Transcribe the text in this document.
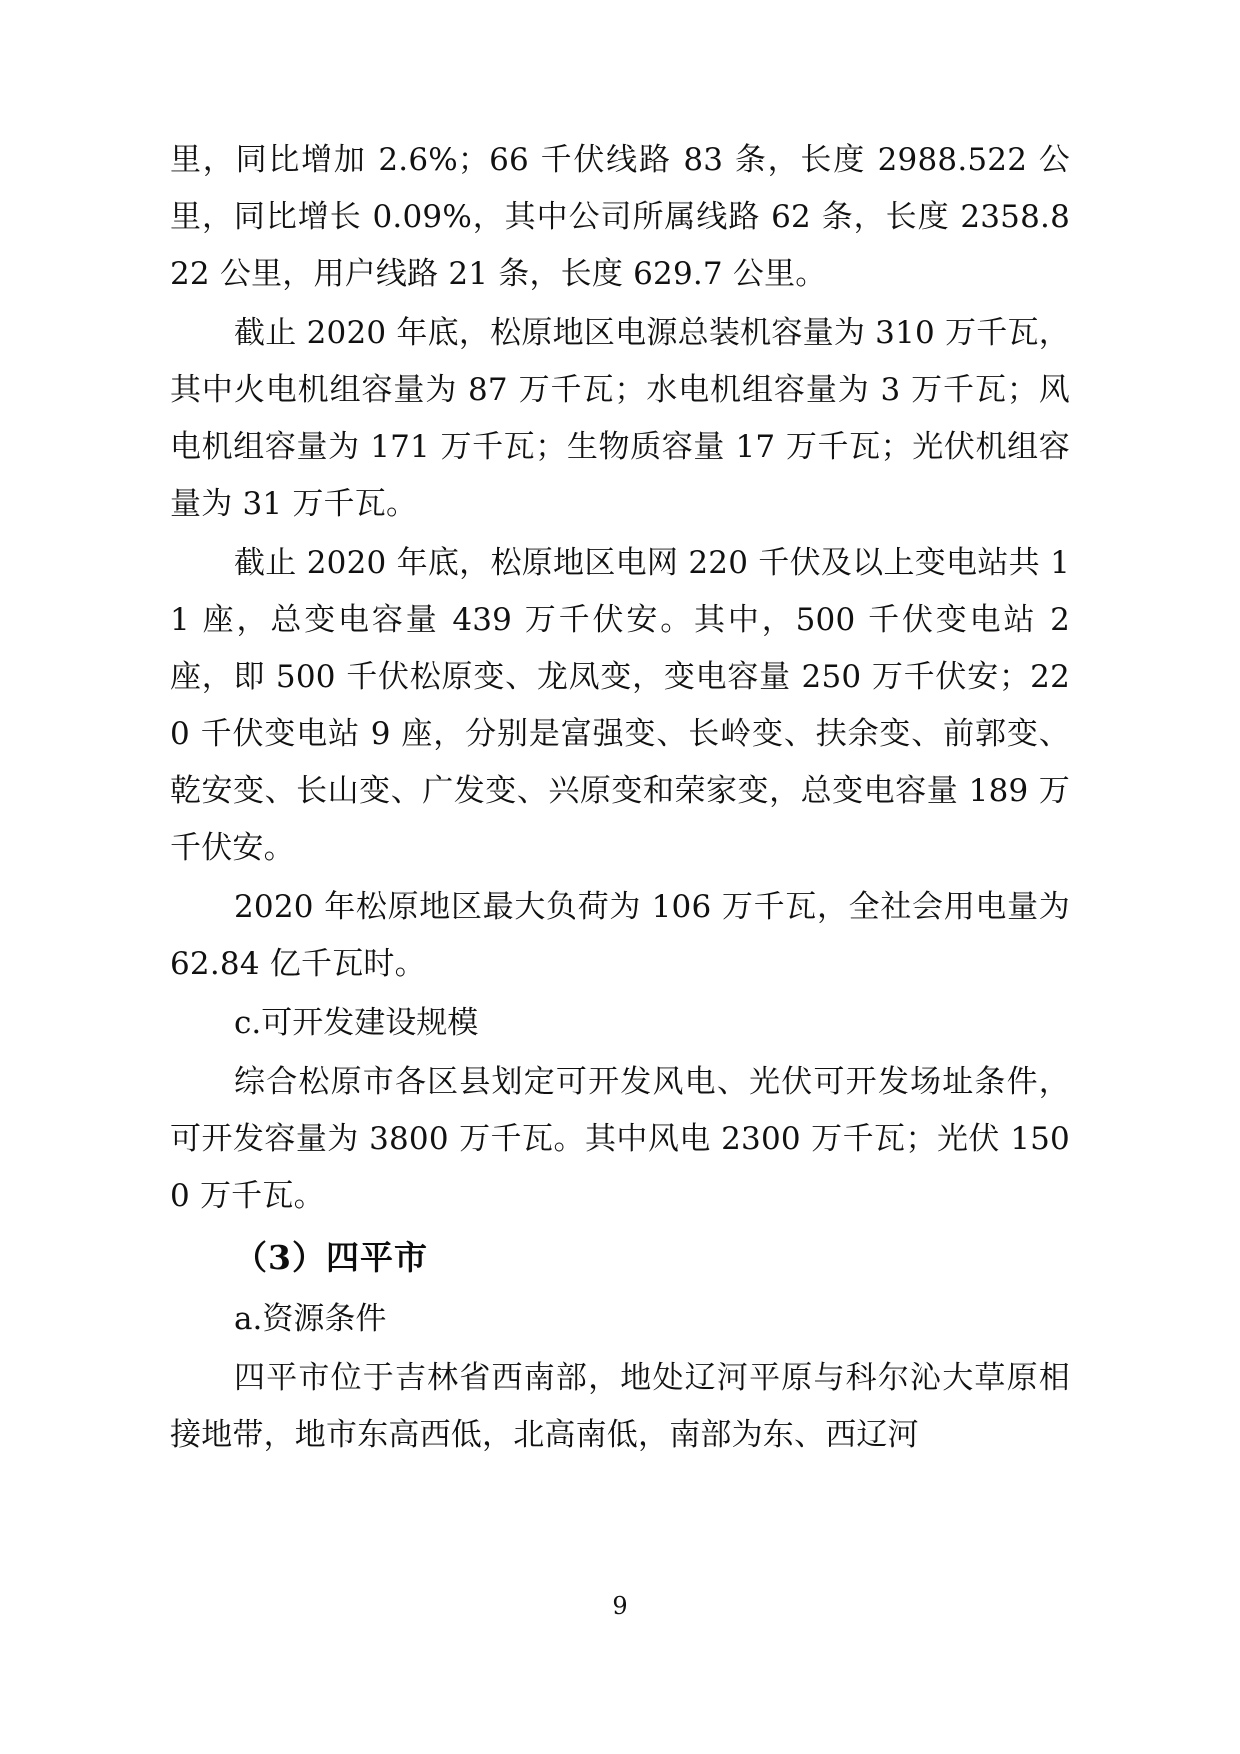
里，同比增加 2.6%；66 千伏线路 83 条，长度 2988.522 公里，同比增长 0.09%，其中公司所属线路 62 条，长度 2358.822 公里，用户线路 21 条，长度 629.7 公里。

截止 2020 年底，松原地区电源总装机容量为 310 万千瓦，其中火电机组容量为 87 万千瓦；水电机组容量为 3 万千瓦；风电机组容量为 171 万千瓦；生物质容量 17 万千瓦；光伏机组容量为 31 万千瓦。

截止 2020 年底，松原地区电网 220 千伏及以上变电站共 11 座，总变电容量 439 万千伏安。其中，500 千伏变电站 2 座，即 500 千伏松原变、龙凤变，变电容量 250 万千伏安；220 千伏变电站 9 座，分别是富强变、长岭变、扶余变、前郭变、乾安变、长山变、广发变、兴原变和荣家变，总变电容量 189 万千伏安。

2020 年松原地区最大负荷为 106 万千瓦，全社会用电量为 62.84 亿千瓦时。

c.可开发建设规模

综合松原市各区县划定可开发风电、光伏可开发场址条件，可开发容量为 3800 万千瓦。其中风电 2300 万千瓦；光伏 1500 万千瓦。

（3）四平市

a.资源条件

四平市位于吉林省西南部，地处辽河平原与科尔沁大草原相接地带，地市东高西低，北高南低，南部为东、西辽河

9
